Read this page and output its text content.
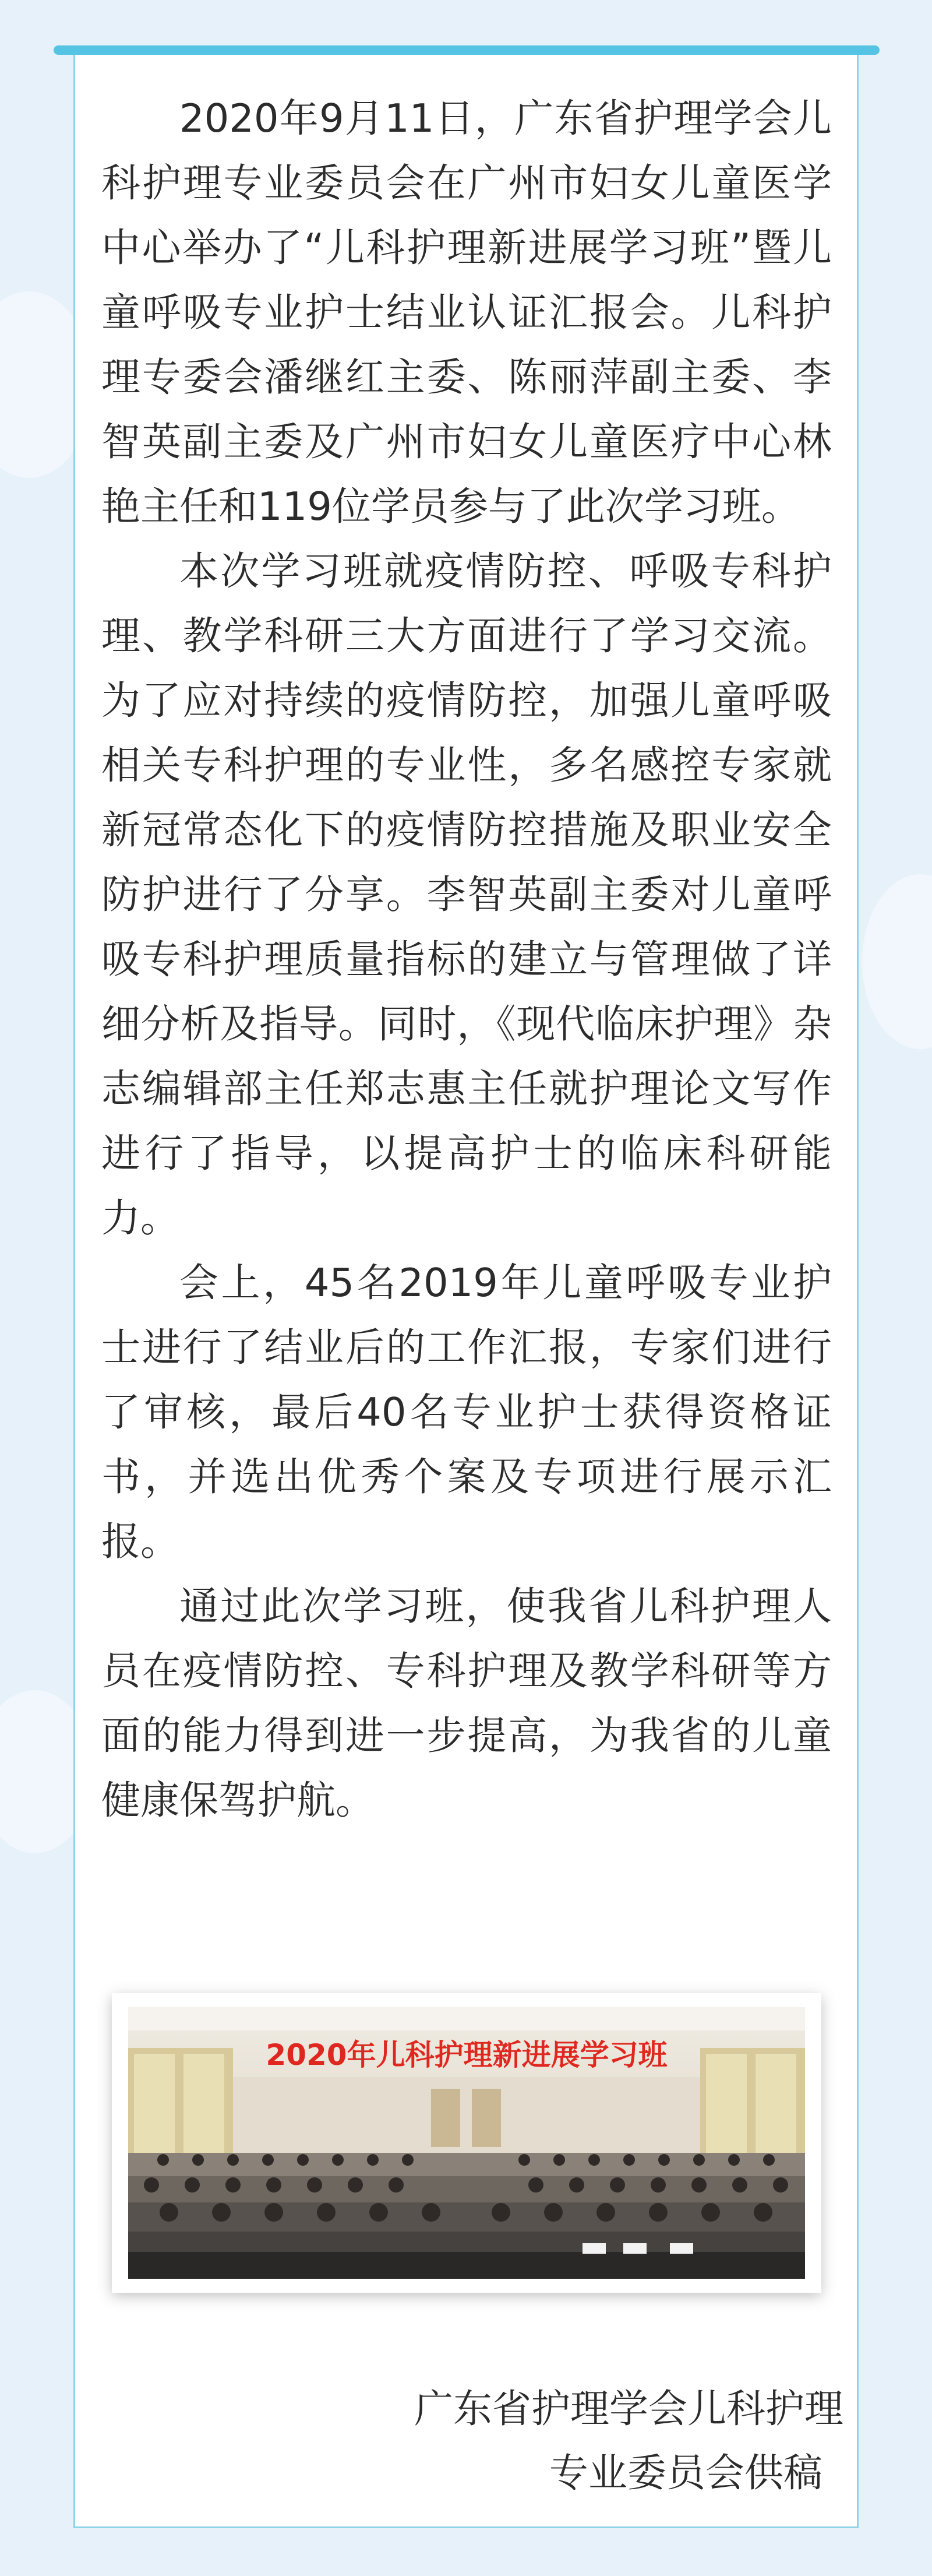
2020年9月11日，广东省护理学会儿科护理专业委员会在广州市妇女儿童医学中心举办了“儿科护理新进展学习班”暨儿童呼吸专业护士结业认证汇报会。儿科护理专委会潘继红主委、陈丽萍副主委、李智英副主委及广州市妇女儿童医疗中心林艳主任和119位学员参与了此次学习班。

本次学习班就疫情防控、呼吸专科护理、教学科研三大方面进行了学习交流。为了应对持续的疫情防控，加强儿童呼吸相关专科护理的专业性，多名感控专家就新冠常态化下的疫情防控措施及职业安全防护进行了分享。李智英副主委对儿童呼吸专科护理质量指标的建立与管理做了详细分析及指导。同时，《现代临床护理》杂志编辑部主任郑志惠主任就护理论文写作进行了指导，以提高护士的临床科研能力。

会上，45名2019年儿童呼吸专业护士进行了结业后的工作汇报，专家们进行了审核，最后40名专业护士获得资格证书，并选出优秀个案及专项进行展示汇报。

通过此次学习班，使我省儿科护理人员在疫情防控、专科护理及教学科研等方面的能力得到进一步提高，为我省的儿童健康保驾护航。

2020年儿科护理新进展学习班
广东省护理学会儿科护理
专业委员会供稿
